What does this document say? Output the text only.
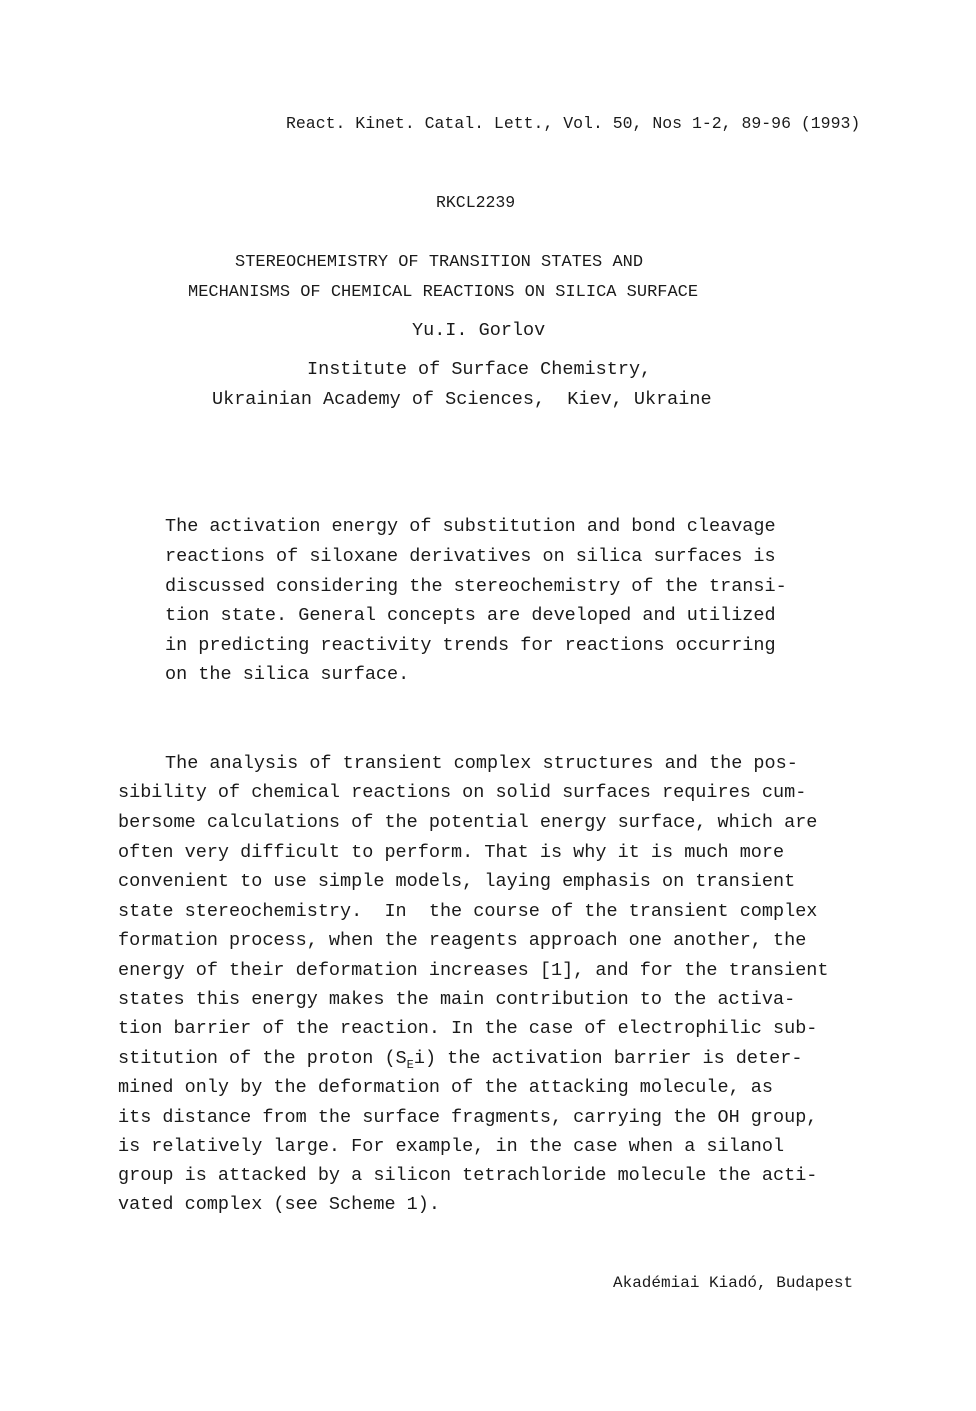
React. Kinet. Catal. Lett., Vol. 50, Nos 1-2, 89-96 (1993)
RKCL2239
STEREOCHEMISTRY OF TRANSITION STATES AND
MECHANISMS OF CHEMICAL REACTIONS ON SILICA SURFACE
Yu.I. Gorlov
Institute of Surface Chemistry,
Ukrainian Academy of Sciences,  Kiev, Ukraine
The activation energy of substitution and bond cleavage
reactions of siloxane derivatives on silica surfaces is
discussed considering the stereochemistry of the transi-
tion state. General concepts are developed and utilized
in predicting reactivity trends for reactions occurring
on the silica surface.
The analysis of transient complex structures and the pos-
sibility of chemical reactions on solid surfaces requires cum-
bersome calculations of the potential energy surface, which are
often very difficult to perform. That is why it is much more
convenient to use simple models, laying emphasis on transient
state stereochemistry.  In  the course of the transient complex
formation process, when the reagents approach one another, the
energy of their deformation increases [1], and for the transient
states this energy makes the main contribution to the activa-
tion barrier of the reaction. In the case of electrophilic sub-
stitution of the proton $(S_Ei)$ the activation barrier is deter-
mined only by the deformation of the attacking molecule, as
its distance from the surface fragments, carrying the OH group,
is relatively large. For example, in the case when a silanol
group is attacked by a silicon tetrachloride molecule the acti-
vated complex (see Scheme 1).
Akadémiai Kiadó, Budapest
